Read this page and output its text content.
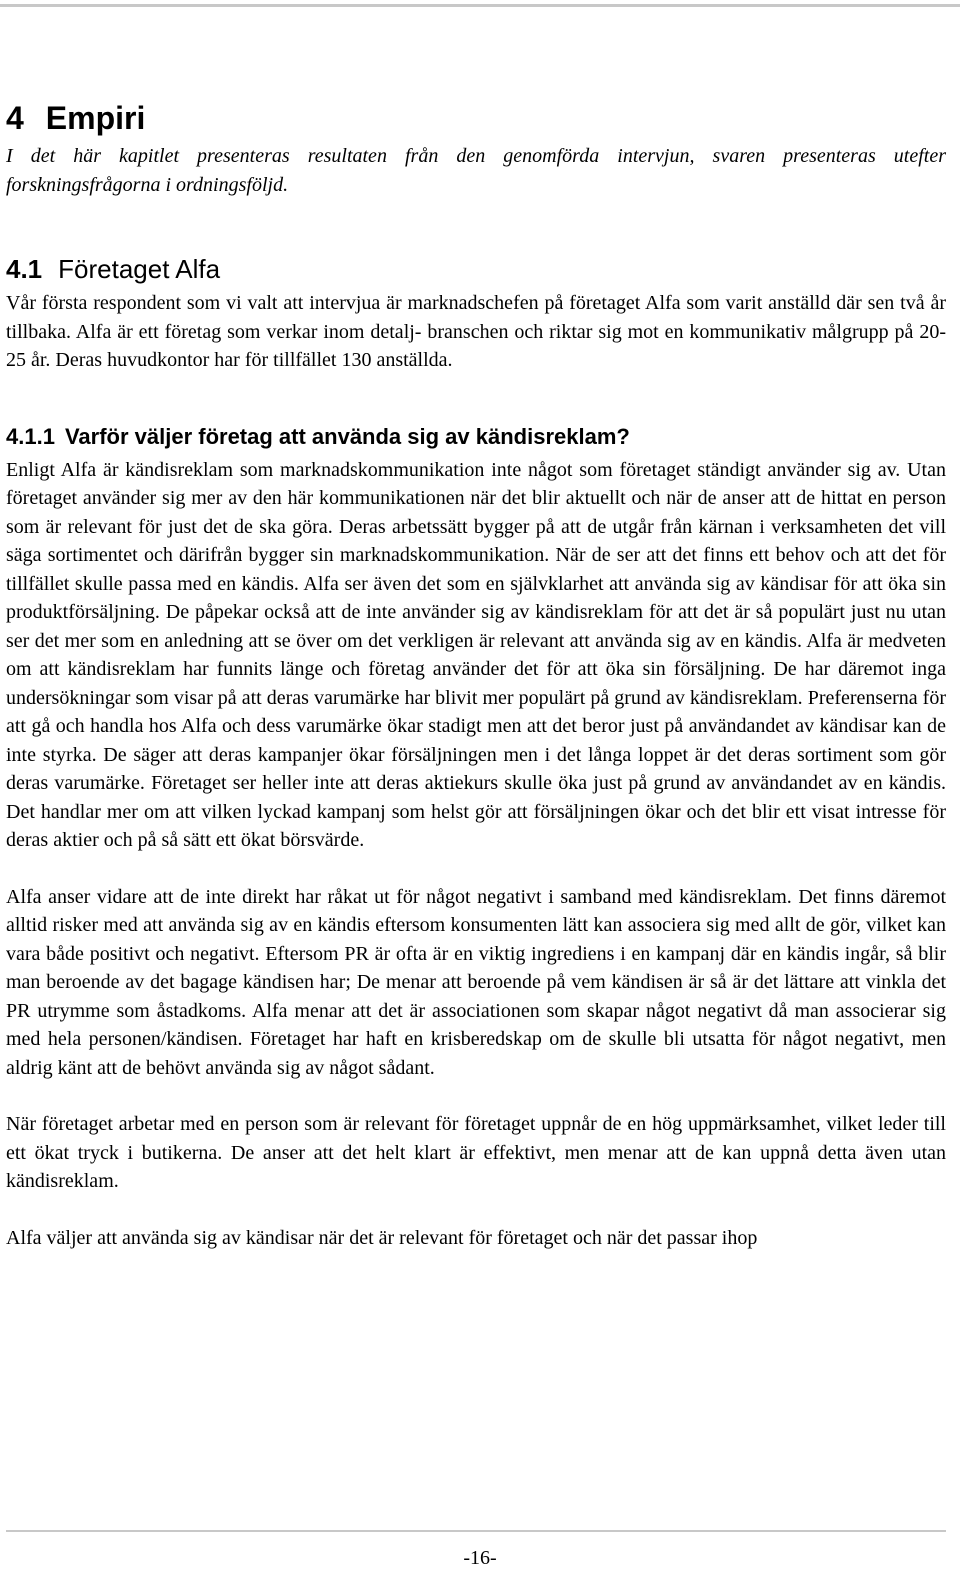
4 Empiri

I det här kapitlet presenteras resultaten från den genomförda intervjun, svaren presenteras utefter forskningsfrågorna i ordningsföljd.

4.1 Företaget Alfa

Vår första respondent som vi valt att intervjua är marknadschefen på företaget Alfa som varit anställd där sen två år tillbaka. Alfa är ett företag som verkar inom detalj- branschen och riktar sig mot en kommunikativ målgrupp på 20-25 år. Deras huvudkontor har för tillfället 130 anställda.

4.1.1 Varför väljer företag att använda sig av kändisreklam?

Enligt Alfa är kändisreklam som marknadskommunikation inte något som företaget ständigt använder sig av. Utan företaget använder sig mer av den här kommunikationen när det blir aktuellt och när de anser att de hittat en person som är relevant för just det de ska göra. Deras arbetssätt bygger på att de utgår från kärnan i verksamheten det vill säga sortimentet och därifrån bygger sin marknadskommunikation. När de ser att det finns ett behov och att det för tillfället skulle passa med en kändis. Alfa ser även det som en självklarhet att använda sig av kändisar för att öka sin produktförsäljning. De påpekar också att de inte använder sig av kändisreklam för att det är så populärt just nu utan ser det mer som en anledning att se över om det verkligen är relevant att använda sig av en kändis. Alfa är medveten om att kändisreklam har funnits länge och företag använder det för att öka sin försäljning. De har däremot inga undersökningar som visar på att deras varumärke har blivit mer populärt på grund av kändisreklam. Preferenserna för att gå och handla hos Alfa och dess varumärke ökar stadigt men att det beror just på användandet av kändisar kan de inte styrka. De säger att deras kampanjer ökar försäljningen men i det långa loppet är det deras sortiment som gör deras varumärke. Företaget ser heller inte att deras aktiekurs skulle öka just på grund av användandet av en kändis. Det handlar mer om att vilken lyckad kampanj som helst gör att försäljningen ökar och det blir ett visat intresse för deras aktier och på så sätt ett ökat börsvärde.

Alfa anser vidare att de inte direkt har råkat ut för något negativt i samband med kändisreklam. Det finns däremot alltid risker med att använda sig av en kändis eftersom konsumenten lätt kan associera sig med allt de gör, vilket kan vara både positivt och negativt. Eftersom PR är ofta är en viktig ingrediens i en kampanj där en kändis ingår, så blir man beroende av det bagage kändisen har; De menar att beroende på vem kändisen är så är det lättare att vinkla det PR utrymme som åstadkoms. Alfa menar att det är associationen som skapar något negativt då man associerar sig med hela personen/kändisen. Företaget har haft en krisberedskap om de skulle bli utsatta för något negativt, men aldrig känt att de behövt använda sig av något sådant.

När företaget arbetar med en person som är relevant för företaget uppnår de en hög uppmärksamhet, vilket leder till ett ökat tryck i butikerna. De anser att det helt klart är effektivt, men menar att de kan uppnå detta även utan kändisreklam.

Alfa väljer att använda sig av kändisar när det är relevant för företaget och när det passar ihop

-16-
